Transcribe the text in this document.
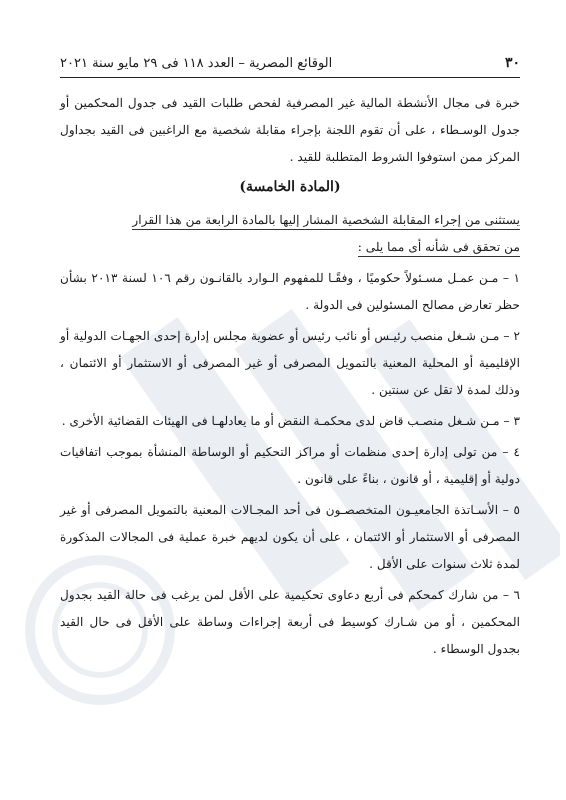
٣٠
الوقائع المصرية – العدد ١١٨ فى ٢٩ مايو سنة ٢٠٢١

خبرة فى مجال الأنشطة المالية غير المصرفية لفحص طلبات القيد فى جدول المحكمين أو جدول الوسـطاء ، على أن تقوم اللجنة بإجراء مقابلة شخصية مع الراغبين فى القيد بجداول المركز ممن استوفوا الشروط المتطلبة للقيد .

(المادة الخامسة)

يستثنى من إجراء المقابلة الشخصية المشار إليها بالمادة الرابعة من هذا القرار

من تحقق فى شأنه أى مما يلى :

١ – مـن عمـل مسـئولاً حكوميًا ، وفقًـا للمفهوم الـوارد بالقانـون رقم ١٠٦ لسنة ٢٠١٣ بشأن حظر تعارض مصالح المسئولين فى الدولة .

٢ – مـن شـغل منصب رئيـس أو نائب رئيس أو عضوية مجلس إدارة إحدى الجهـات الدولية أو الإقليمية أو المحلية المعنية بالتمويل المصرفى أو غير المصرفى أو الاستثمار أو الائتمان ، وذلك لمدة لا تقل عن سنتين .

٣ – مـن شـغل منصـب قاض لدى محكمـة النقض أو ما يعادلهـا فى الهيئات القضائية الأخرى .

٤ – من تولى إدارة إحدى منظمات أو مراكز التحكيم أو الوساطة المنشأة بموجب اتفاقيات دولية أو إقليمية ، أو قانون ، بناءً على قانون .

٥ – الأسـاتذة الجامعيـون المتخصصـون فى أحد المجـالات المعنية بالتمويل المصرفى أو غير المصرفى أو الاستثمار أو الائتمان ، على أن يكون لديهم خبرة عملية فى المجالات المذكورة لمدة ثلاث سنوات على الأقل .

٦ – من شارك كمحكم فى أربع دعاوى تحكيمية على الأقل لمن يرغب فى حالة القيد بجدول المحكمين ، أو من شـارك كوسيط فى أربعة إجراءات وساطة على الأقل فى حال القيد بجدول الوسطاء .
